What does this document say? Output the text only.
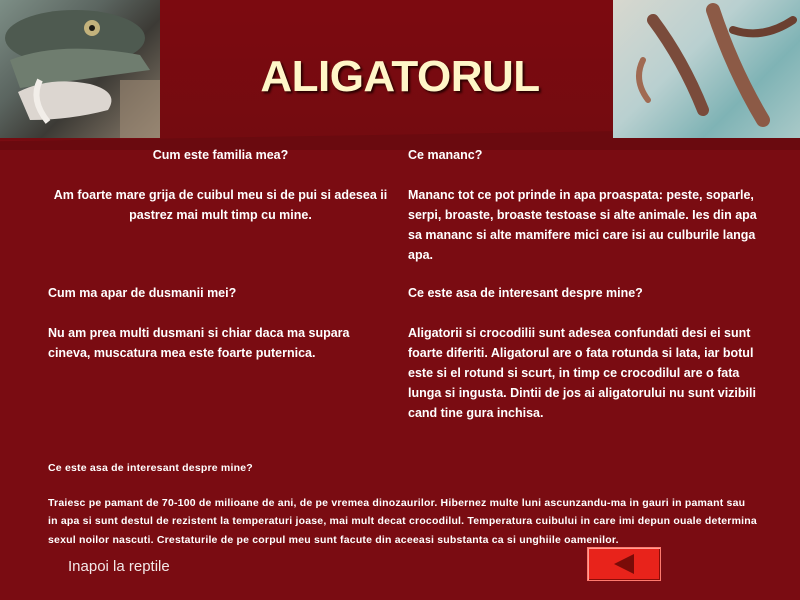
ALIGATORUL
Cum este familia mea?
Am foarte mare grija de cuibul meu si de pui si adesea ii pastrez mai mult timp cu mine.
Ce mananc?
Mananc tot ce pot prinde in apa proaspata: peste, soparle, serpi, broaste, broaste testoase si alte animale. Ies din apa sa mananc si alte mamifere mici care isi au culburile langa apa.
Cum ma apar de dusmanii mei?
Nu am prea multi dusmani si chiar daca ma supara cineva, muscatura mea este foarte puternica.
Ce este asa de interesant despre mine?
Aligatorii si crocodilii sunt adesea confundati desi ei sunt foarte diferiti. Aligatorul are o fata rotunda si lata, iar botul este si el rotund si scurt, in timp ce crocodilul are o fata lunga si ingusta. Dintii de jos ai aligatorului nu sunt vizibili cand tine gura inchisa.
Ce este asa de interesant despre mine?
Traiesc pe pamant de 70-100 de milioane de ani, de pe vremea dinozaurilor. Hibernez multe luni ascunzandu-ma in gauri in pamant sau in apa si sunt destul de rezistent la temperaturi joase, mai mult decat crocodilul. Temperatura cuibului in care imi depun ouale determina sexul noilor nascuti. Crestaturile de pe corpul meu sunt facute din aceeasi substanta ca si unghiile oamenilor.
Inapoi la reptile
